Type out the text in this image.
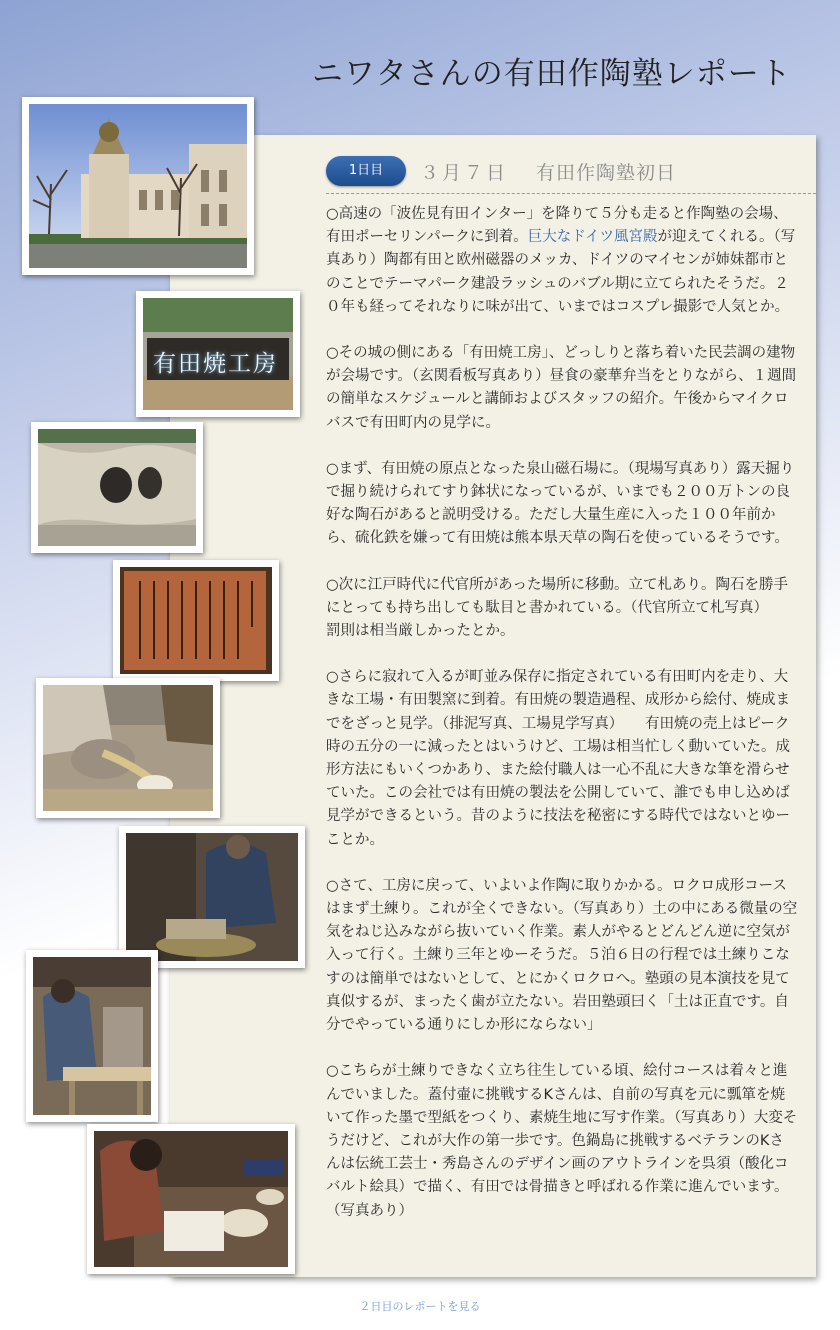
ニワタさんの有田作陶塾レポート
1日目	３月７日 有田作陶塾初日

○高速の「波佐見有田インター」を降りて５分も走ると作陶塾の会場、有田ポーセリンパークに到着。巨大なドイツ風宮殿が迎えてくれる。（写真あり）陶都有田と欧州磁器のメッカ、ドイツのマイセンが姉妹都市とのことでテーマパーク建設ラッシュのバブル期に立てられたそうだ。２０年も経ってそれなりに味が出て、いまではコスプレ撮影で人気とか。

○その城の側にある「有田焼工房」、どっしりと落ち着いた民芸調の建物が会場です。（玄関看板写真あり）昼食の豪華弁当をとりながら、１週間の簡単なスケジュールと講師およびスタッフの紹介。午後からマイクロバスで有田町内の見学に。

○まず、有田焼の原点となった泉山磁石場に。（現場写真あり）露天掘りで掘り続けられてすり鉢状になっているが、いまでも２００万トンの良好な陶石があると説明受ける。ただし大量生産に入った１００年前から、硫化鉄を嫌って有田焼は熊本県天草の陶石を使っているそうです。

○次に江戸時代に代官所があった場所に移動。立て札あり。陶石を勝手にとっても持ち出しても駄目と書かれている。（代官所立て札写真）
罰則は相当厳しかったとか。

○さらに寂れて入るが町並み保存に指定されている有田町内を走り、大きな工場・有田製窯に到着。有田焼の製造過程、成形から絵付、焼成までをざっと見学。（排泥写真、工場見学写真）　　有田焼の売上はピーク時の五分の一に減ったとはいうけど、工場は相当忙しく動いていた。成形方法にもいくつかあり、また絵付職人は一心不乱に大きな筆を滑らせていた。この会社では有田焼の製法を公開していて、誰でも申し込めば見学ができるという。昔のように技法を秘密にする時代ではないとゆーことか。

○さて、工房に戻って、いよいよ作陶に取りかかる。ロクロ成形コースはまず土練り。これが全くできない。（写真あり）土の中にある微量の空気をねじ込みながら抜いていく作業。素人がやるとどんどん逆に空気が入って行く。土練り三年とゆーそうだ。５泊６日の行程では土練りこなすのは簡単ではないとして、とにかくロクロへ。塾頭の見本演技を見て真似するが、まったく歯が立たない。岩田塾頭曰く「土は正直です。自分でやっている通りにしか形にならない」

○こちらが土練りできなく立ち往生している頃、絵付コースは着々と進んでいました。蓋付壷に挑戦するKさんは、自前の写真を元に瓢箪を焼いて作った墨で型紙をつくり、素焼生地に写す作業。（写真あり）大変そうだけど、これが大作の第一歩です。色鍋島に挑戦するベテランのKさんは伝統工芸士・秀島さんのデザイン画のアウトラインを呉須（酸化コバルト絵具）で描く、有田では骨描きと呼ばれる作業に進んでいます。（写真あり）

有田焼工房
２日目のレポートを見る
